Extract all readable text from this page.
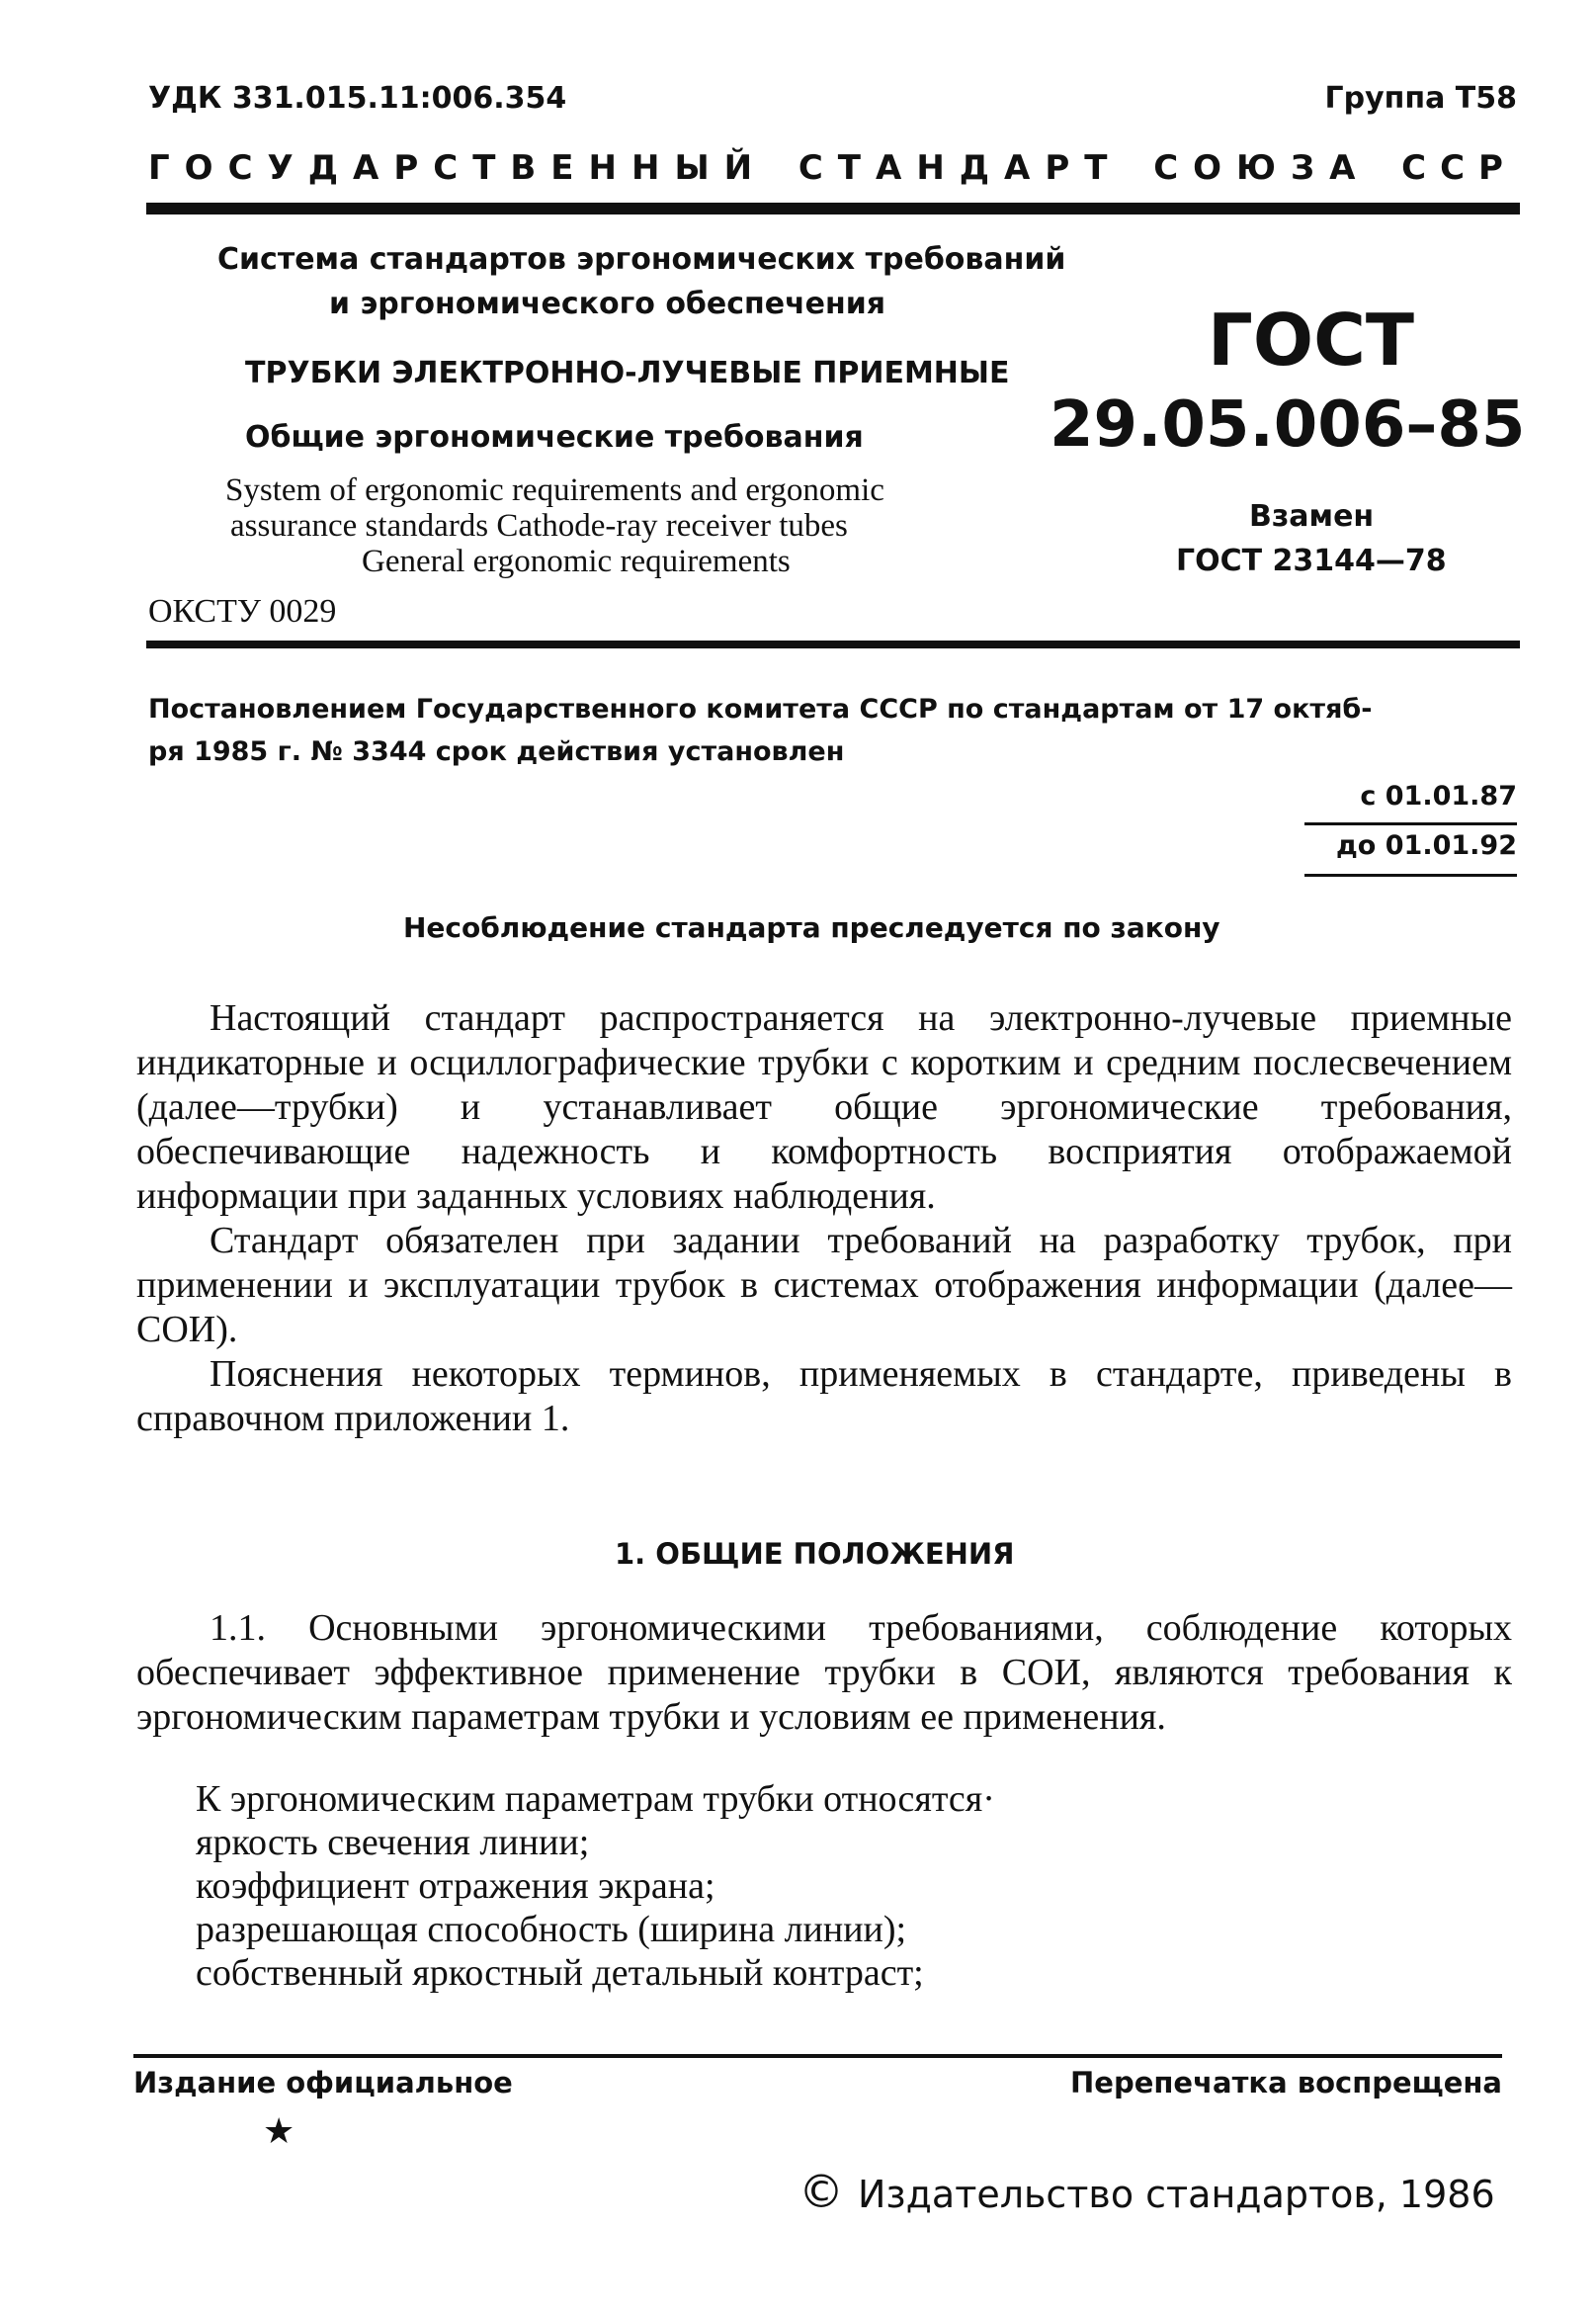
УДК 331.015.11:006.354	Группа Т58
ГОСУДАРСТВЕННЫЙ СТАНДАРТ СОЮЗА ССР
Система стандартов эргономических требований
и эргономического обеспечения
ТРУБКИ ЭЛЕКТРОННО-ЛУЧЕВЫЕ ПРИЕМНЫЕ
Общие эргономические требования
System of ergonomic requirements and ergonomic
assurance standards Cathode-ray receiver tubes
General ergonomic requirements
ОКСТУ 0029
ГОСТ
29.05.006–85
Взамен
ГОСТ 23144—78
Постановлением Государственного комитета СССР по стандартам от 17 октяб-
ря 1985 г. № 3344 срок действия установлен
с 01.01.87
до 01.01.92
Несоблюдение стандарта преследуется по закону

Настоящий стандарт распространяется на электронно-лучевые приемные индикаторные и осциллографические трубки с коротким и средним послесвечением (далее—трубки) и устанавливает общие эргономические требования, обеспечивающие надежность и комфортность восприятия отображаемой информации при заданных условиях наблюдения.

Стандарт обязателен при задании требований на разработку трубок, при применении и эксплуатации трубок в системах отображения информации (далее—СОИ).

Пояснения некоторых терминов, применяемых в стандарте, приведены в справочном приложении 1.

1. ОБЩИЕ ПОЛОЖЕНИЯ

1.1. Основными эргономическими требованиями, соблюдение которых обеспечивает эффективное применение трубки в СОИ, являются требования к эргономическим параметрам трубки и условиям ее применения.

К эргономическим параметрам трубки относятся·
яркость свечения линии;
коэффициент отражения экрана;
разрешающая способность (ширина линии);
собственный яркостный детальный контраст;
Издание официальное	Перепечатка воспрещена
★
© Издательство стандартов, 1986
